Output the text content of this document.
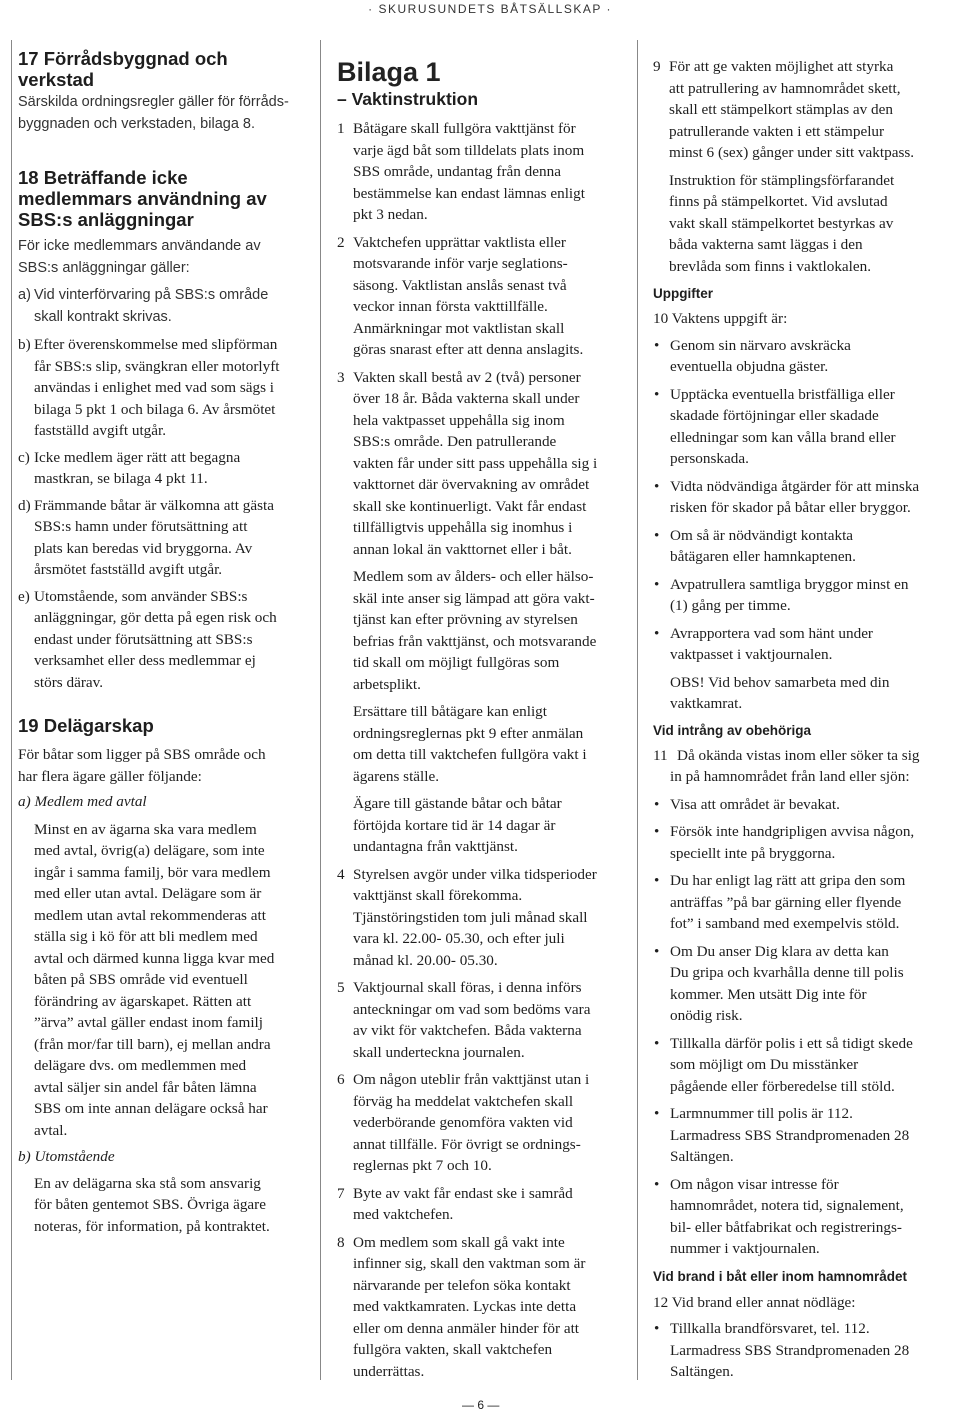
· SKURUSUNDETS BÅTSÄLLSKAP ·

17 Förrådsbyggnad och
verkstad

Särskilda ordningsregler gäller för förråds-
byggnaden och verkstaden, bilaga 8.

18 Beträffande icke
medlemmars användning av
SBS:s anläggningar

För icke medlemmars användande av
SBS:s anläggningar gäller:

a) Vid vinterförvaring på SBS:s område
skall kontrakt skrivas.
b) Efter överenskommelse med slipförman
får SBS:s slip, svängkran eller motorlyft
användas i enlighet med vad som sägs i
bilaga 5 pkt 1 och bilaga 6. Av årsmötet
fastställd avgift utgår.
c) Icke medlem äger rätt att begagna
mastkran, se bilaga 4 pkt 11.
d) Främmande båtar är välkomna att gästa
SBS:s hamn under förutsättning att
plats kan beredas vid bryggorna. Av
årsmötet fastställd avgift utgår.
e) Utomstående, som använder SBS:s
anläggningar, gör detta på egen risk och
endast under förutsättning att SBS:s
verksamhet eller dess medlemmar ej
störs därav.

19 Delägarskap

För båtar som ligger på SBS område och
har flera ägare gäller följande:

a) Medlem med avtal

Minst en av ägarna ska vara medlem
med avtal, övrig(a) delägare, som inte
ingår i samma familj, bör vara medlem
med eller utan avtal. Delägare som är
medlem utan avtal rekommenderas att
ställa sig i kö för att bli medlem med
avtal och därmed kunna ligga kvar med
båten på SBS område vid eventuell
förändring av ägarskapet. Rätten att
”ärva” avtal gäller endast inom familj
(från mor/far till barn), ej mellan andra
delägare dvs. om medlemmen med
avtal säljer sin andel får båten lämna
SBS om inte annan delägare också har
avtal.

b) Utomstående

En av delägarna ska stå som ansvarig
för båten gentemot SBS. Övriga ägare
noteras, för information, på kontraktet.

Bilaga 1

– Vaktinstruktion

1 Båtägare skall fullgöra vakttjänst för
varje ägd båt som tilldelats plats inom
SBS område, undantag från denna
bestämmelse kan endast lämnas enligt
pkt 3 nedan.
2 Vaktchefen upprättar vaktlista eller
motsvarande inför varje seglations-
säsong. Vaktlistan anslås senast två
veckor innan första vakttillfälle.
Anmärkningar mot vaktlistan skall
göras snarast efter att denna anslagits.
3 Vakten skall bestå av 2 (två) personer
över 18 år. Båda vakterna skall under
hela vaktpasset uppehålla sig inom
SBS:s område. Den patrullerande
vakten får under sitt pass uppehålla sig i
vakttornet där övervakning av området
skall ske kontinuerligt. Vakt får endast
tillfälligtvis uppehålla sig inomhus i
annan lokal än vakttornet eller i båt.

Medlem som av ålders- och eller hälso-
skäl inte anser sig lämpad att göra vakt-
tjänst kan efter prövning av styrelsen
befrias från vakttjänst, och motsvarande
tid skall om möjligt fullgöras som
arbetsplikt.

Ersättare till båtägare kan enligt
ordningsreglernas pkt 9 efter anmälan
om detta till vaktchefen fullgöra vakt i
ägarens ställe.

Ägare till gästande båtar och båtar
förtöjda kortare tid är 14 dagar är
undantagna från vakttjänst.

4 Styrelsen avgör under vilka tidsperioder
vakttjänst skall förekomma.
Tjänstöringstiden tom juli månad skall
vara kl. 22.00- 05.30, och efter juli
månad kl. 20.00- 05.30.
5 Vaktjournal skall föras, i denna införs
anteckningar om vad som bedöms vara
av vikt för vaktchefen. Båda vakterna
skall underteckna journalen.
6 Om någon uteblir från vakttjänst utan i
förväg ha meddelat vaktchefen skall
vederbörande genomföra vakten vid
annat tillfälle. För övrigt se ordnings-
reglernas pkt 7 och 10.
7 Byte av vakt får endast ske i samråd
med vaktchefen.
8 Om medlem som skall gå vakt inte
infinner sig, skall den vaktman som är
närvarande per telefon söka kontakt
med vaktkamraten. Lyckas inte detta
eller om denna anmäler hinder för att
fullgöra vakten, skall vaktchefen
underrättas.
9 För att ge vakten möjlighet att styrka
att patrullering av hamnområdet skett,
skall ett stämpelkort stämplas av den
patrullerande vakten i ett stämpelur
minst 6 (sex) gånger under sitt vaktpass.

Instruktion för stämplingsförfarandet
finns på stämpelkortet. Vid avslutad
vakt skall stämpelkortet bestyrkas av
båda vakterna samt läggas i den
brevlåda som finns i vaktlokalen.

Uppgifter

10 Vaktens uppgift är:

• Genom sin närvaro avskräcka
eventuella objudna gäster.

• Upptäcka eventuella bristfälliga eller
skadade förtöjningar eller skadade
elledningar som kan vålla brand eller
personskada.

• Vidta nödvändiga åtgärder för att minska
risken för skador på båtar eller bryggor.

• Om så är nödvändigt kontakta
båtägaren eller hamnkaptenen.

• Avpatrullera samtliga bryggor minst en
(1) gång per timme.

• Avrapportera vad som hänt under
vaktpasset i vaktjournalen.

OBS! Vid behov samarbeta med din
vaktkamrat.

Vid intrång av obehöriga

11 Då okända vistas inom eller söker ta sig
in på hamnområdet från land eller sjön:

• Visa att området är bevakat.

• Försök inte handgripligen avvisa någon,
speciellt inte på bryggorna.

• Du har enligt lag rätt att gripa den som
anträffas ”på bar gärning eller flyende
fot” i samband med exempelvis stöld.

• Om Du anser Dig klara av detta kan
Du gripa och kvarhålla denne till polis
kommer. Men utsätt Dig inte för
onödig risk.

• Tillkalla därför polis i ett så tidigt skede
som möjligt om Du misstänker
pågående eller förberedelse till stöld.

• Larmnummer till polis är 112.
Larmadress SBS Strandpromenaden 28
Saltängen.

• Om någon visar intresse för
hamnområdet, notera tid, signalement,
bil- eller båtfabrikat och registrerings-
nummer i vaktjournalen.

Vid brand i båt eller inom hamnområdet

12 Vid brand eller annat nödläge:

• Tillkalla brandförsvaret, tel. 112.
Larmadress SBS Strandpromenaden 28
Saltängen.

— 6 —
